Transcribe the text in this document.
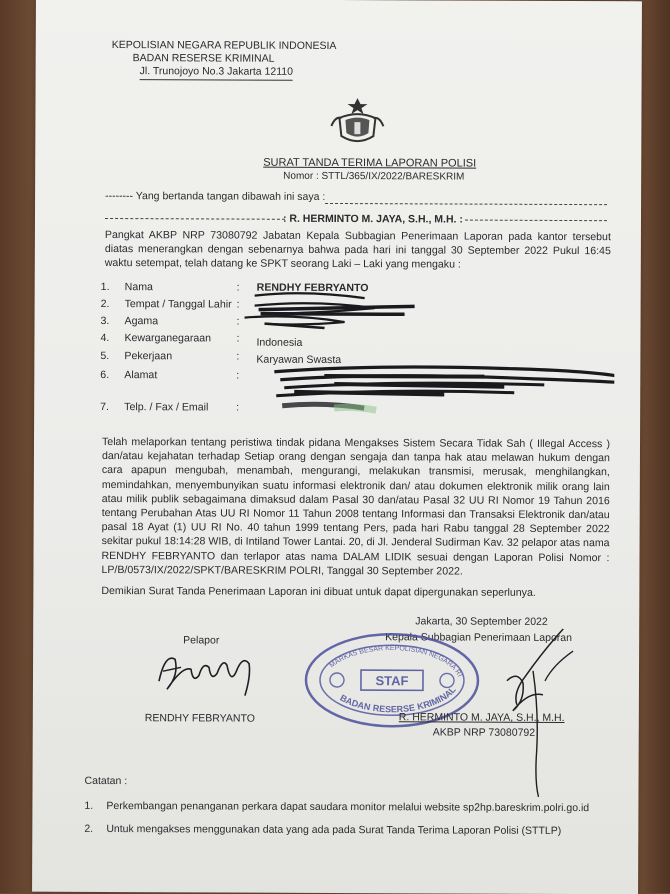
KEPOLISIAN NEGARA REPUBLIK INDONESIA
BADAN RESERSE KRIMINAL
Jl. Trunojoyo No.3 Jakarta 12110
SURAT TANDA TERIMA LAPORAN POLISI
Nomor : STTL/365/IX/2022/BARESKRIM
-------- Yang bertanda tangan dibawah ini saya :
: R. HERMINTO M. JAYA, S.H., M.H. :
Pangkat AKBP NRP 73080792 Jabatan Kepala Subbagian Penerimaan Laporan pada kantor tersebut diatas menerangkan dengan sebenarnya bahwa pada hari ini tanggal 30 September 2022 Pukul 16:45 waktu setempat, telah datang ke SPKT seorang Laki – Laki yang mengaku :
1. Nama	: RENDHY FEBRYANTO
2. Tempat / Tanggal Lahir :
3. Agama	:
4. Kewarganegaraan : Indonesia
5. Pekerjaan	: Karyawan Swasta
6. Alamat	:
7. Telp. / Fax / Email	:
Telah melaporkan tentang peristiwa tindak pidana Mengakses Sistem Secara Tidak Sah ( Illegal Access ) dan/atau kejahatan terhadap Setiap orang dengan sengaja dan tanpa hak atau melawan hukum dengan cara apapun mengubah, menambah, mengurangi, melakukan transmisi, merusak, menghilangkan, memindahkan, menyembunyikan suatu informasi elektronik dan/ atau dokumen elektronik milik orang lain atau milik publik sebagaimana dimaksud dalam Pasal 30 dan/atau Pasal 32 UU RI Nomor 19 Tahun 2016 tentang Perubahan Atas UU RI Nomor 11 Tahun 2008 tentang Informasi dan Transaksi Elektronik dan/atau pasal 18 Ayat (1) UU RI No. 40 tahun 1999 tentang Pers, pada hari Rabu tanggal 28 September 2022 sekitar pukul 18:14:28 WIB, di Intiland Tower Lantai. 20, di Jl. Jenderal Sudirman Kav. 32 pelapor atas nama RENDHY FEBRYANTO dan terlapor atas nama DALAM LIDIK sesuai dengan Laporan Polisi Nomor : LP/B/0573/IX/2022/SPKT/BARESKRIM POLRI, Tanggal 30 September 2022.
Demikian Surat Tanda Penerimaan Laporan ini dibuat untuk dapat dipergunakan seperlunya.
Jakarta, 30 September 2022
Kepala Subbagian Penerimaan Laporan
Pelapor
RENDHY FEBRYANTO
MARKAS BESAR KEPOLISIAN NEGARA RI
STAF
BADAN RESERSE KRIMINAL
R. HERMINTO M. JAYA, S.H., M.H.
AKBP NRP 73080792
Catatan :
1. Perkembangan penanganan perkara dapat saudara monitor melalui website sp2hp.bareskrim.polri.go.id
2. Untuk mengakses menggunakan data yang ada pada Surat Tanda Terima Laporan Polisi (STTLP)
